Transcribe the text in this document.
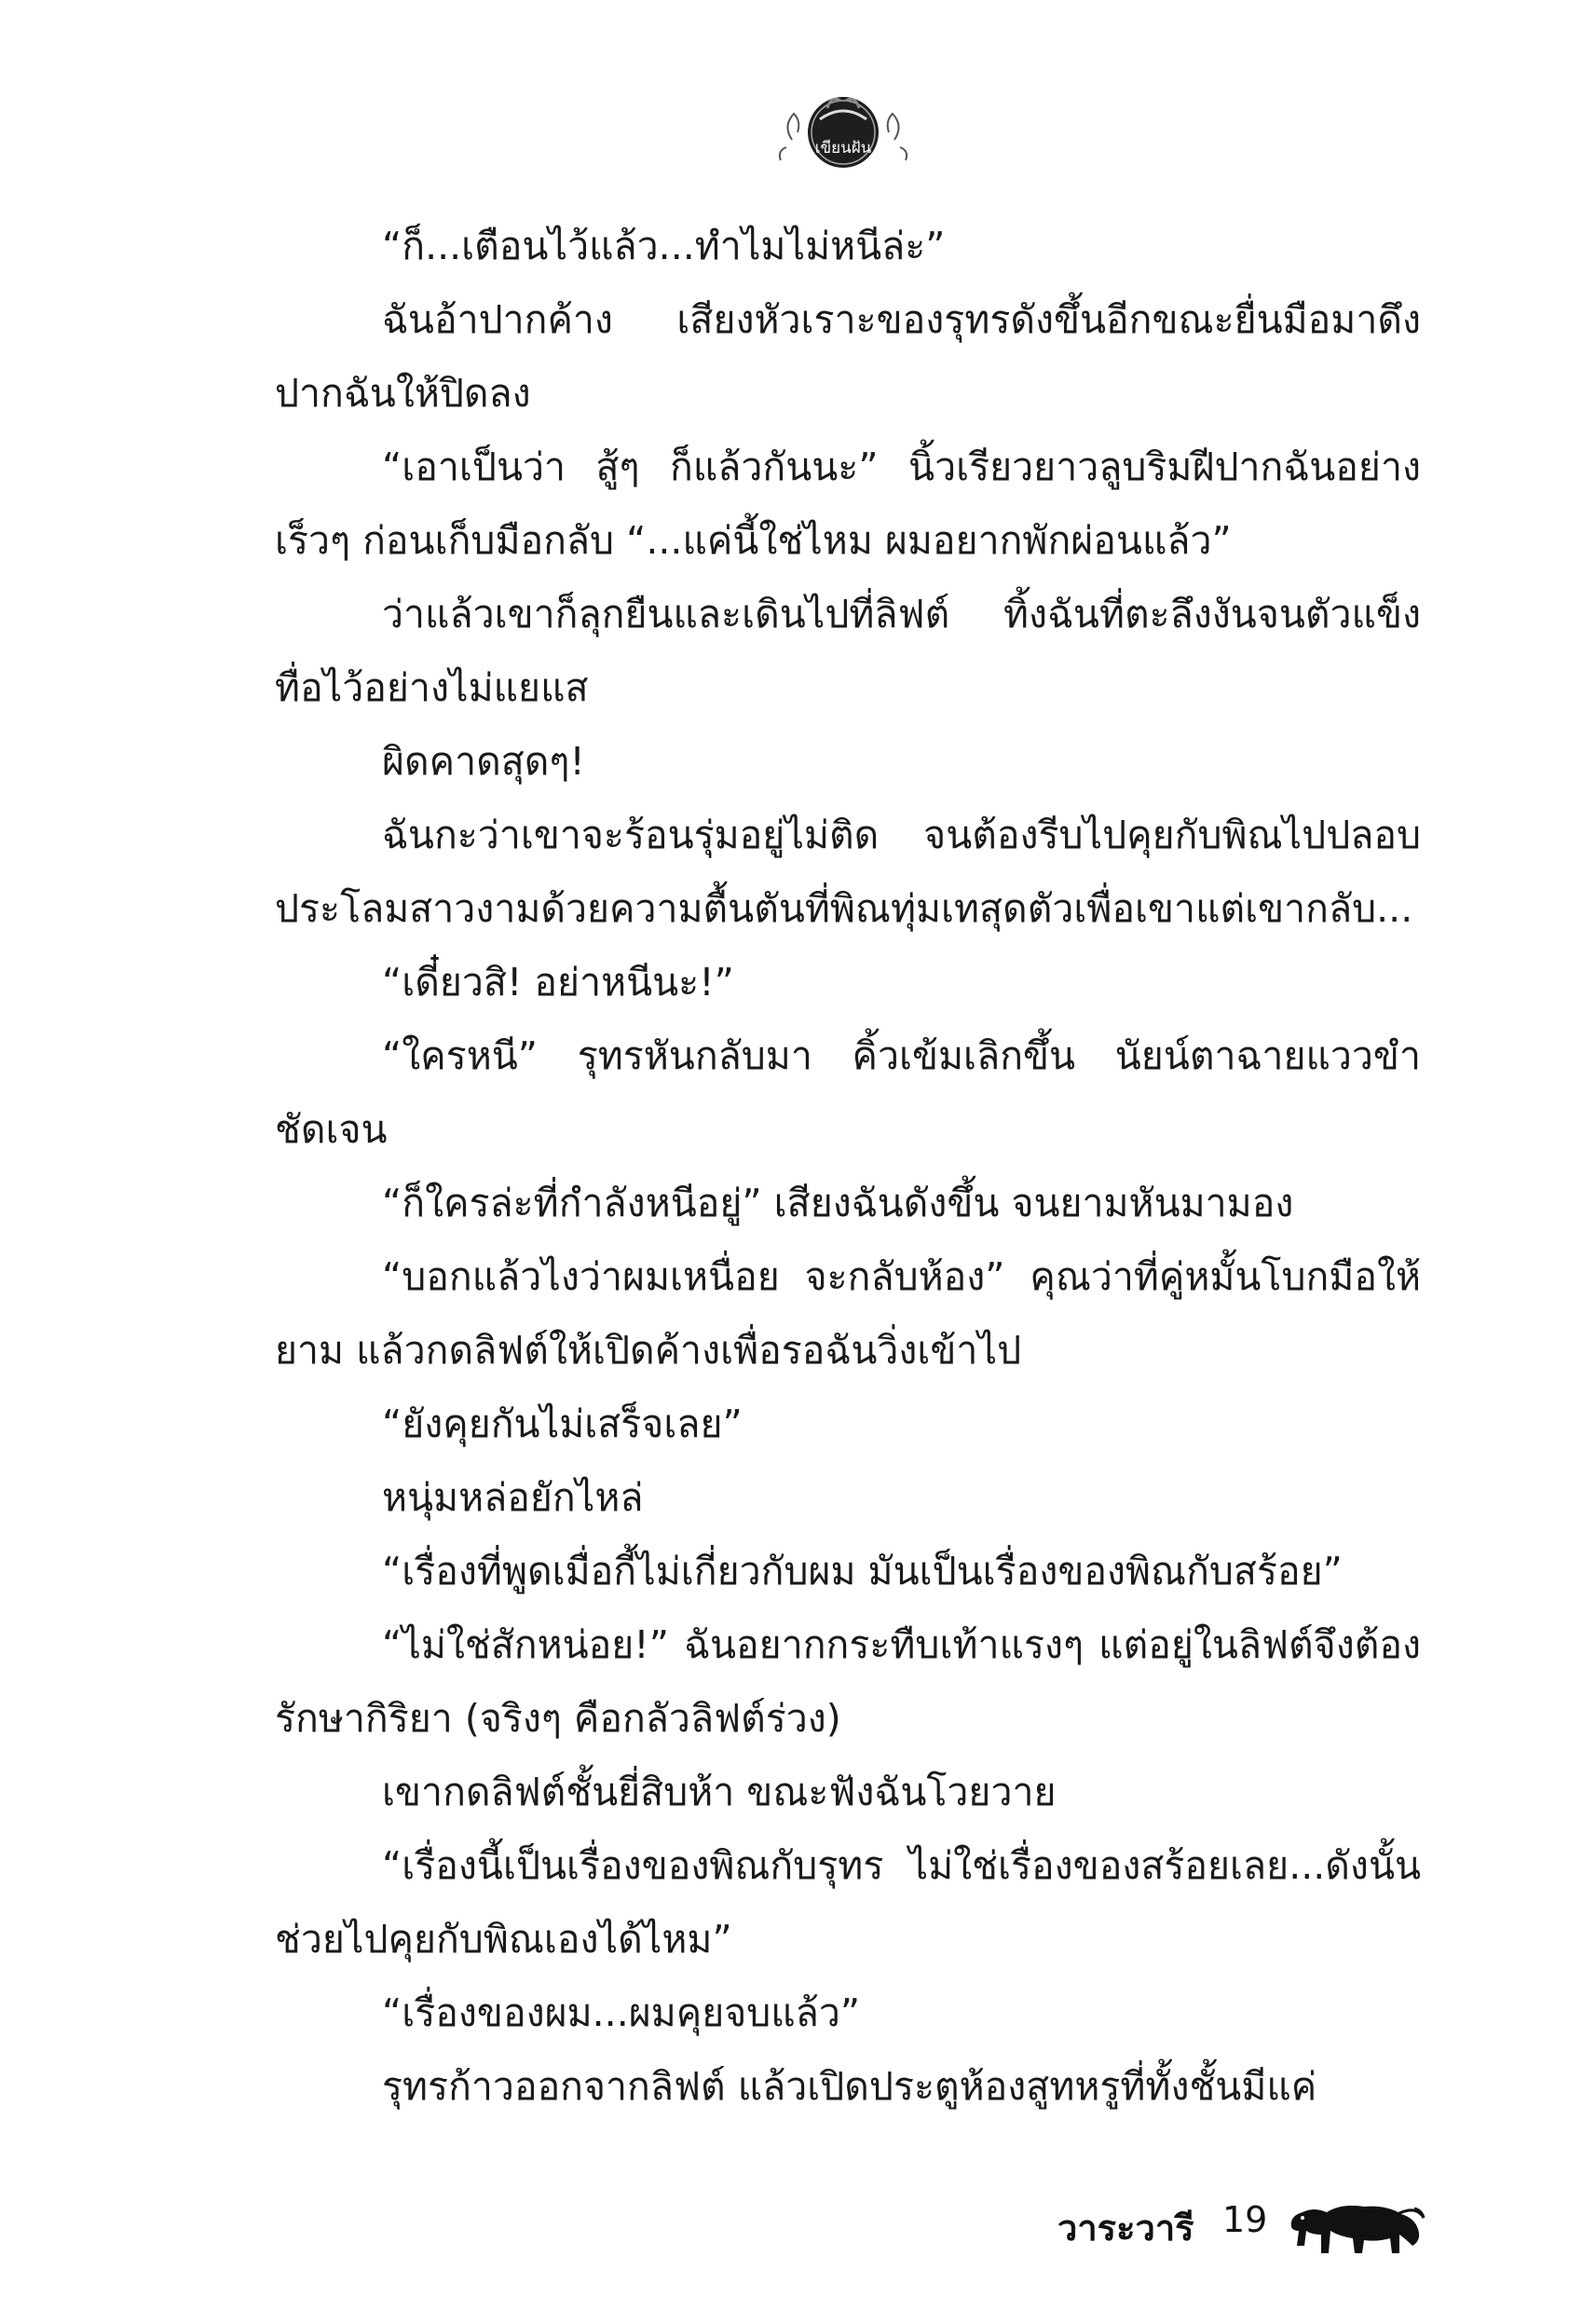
เขียนฝัน

“ก็...เตือนไว้แล้ว...ทำไมไม่หนีล่ะ”

ฉันอ้าปากค้าง เสียงหัวเราะของรุทรดังขึ้นอีกขณะยื่นมือมาดึงปากฉันให้ปิดลง

“เอาเป็นว่า สู้ๆ ก็แล้วกันนะ” นิ้วเรียวยาวลูบริมฝีปากฉันอย่างเร็วๆ ก่อนเก็บมือกลับ “...แค่นี้ใช่ไหม ผมอยากพักผ่อนแล้ว”

ว่าแล้วเขาก็ลุกยืนและเดินไปที่ลิฟต์ ทิ้งฉันที่ตะลึงงันจนตัวแข็งทื่อไว้อย่างไม่แยแส

ผิดคาดสุดๆ!

ฉันกะว่าเขาจะร้อนรุ่มอยู่ไม่ติด จนต้องรีบไปคุยกับพิณไปปลอบประโลมสาวงามด้วยความตื้นตันที่พิณทุ่มเทสุดตัวเพื่อเขาแต่เขากลับ...

“เดี๋ยวสิ! อย่าหนีนะ!”

“ใครหนี” รุทรหันกลับมา คิ้วเข้มเลิกขึ้น นัยน์ตาฉายแววขำชัดเจน

“ก็ใครล่ะที่กำลังหนีอยู่” เสียงฉันดังขึ้น จนยามหันมามอง

“บอกแล้วไงว่าผมเหนื่อย จะกลับห้อง” คุณว่าที่คู่หมั้นโบกมือให้ยาม แล้วกดลิฟต์ให้เปิดค้างเพื่อรอฉันวิ่งเข้าไป

“ยังคุยกันไม่เสร็จเลย”

หนุ่มหล่อยักไหล่

“เรื่องที่พูดเมื่อกี้ไม่เกี่ยวกับผม มันเป็นเรื่องของพิณกับสร้อย”

“ไม่ใช่สักหน่อย!” ฉันอยากกระทืบเท้าแรงๆ แต่อยู่ในลิฟต์จึงต้องรักษากิริยา (จริงๆ คือกลัวลิฟต์ร่วง)

เขากดลิฟต์ชั้นยี่สิบห้า ขณะฟังฉันโวยวาย

“เรื่องนี้เป็นเรื่องของพิณกับรุทร ไม่ใช่เรื่องของสร้อยเลย...ดังนั้นช่วยไปคุยกับพิณเองได้ไหม”

“เรื่องของผม...ผมคุยจบแล้ว”

รุทรก้าวออกจากลิฟต์ แล้วเปิดประตูห้องสูทหรูที่ทั้งชั้นมีแค่

วาระวารี 19
